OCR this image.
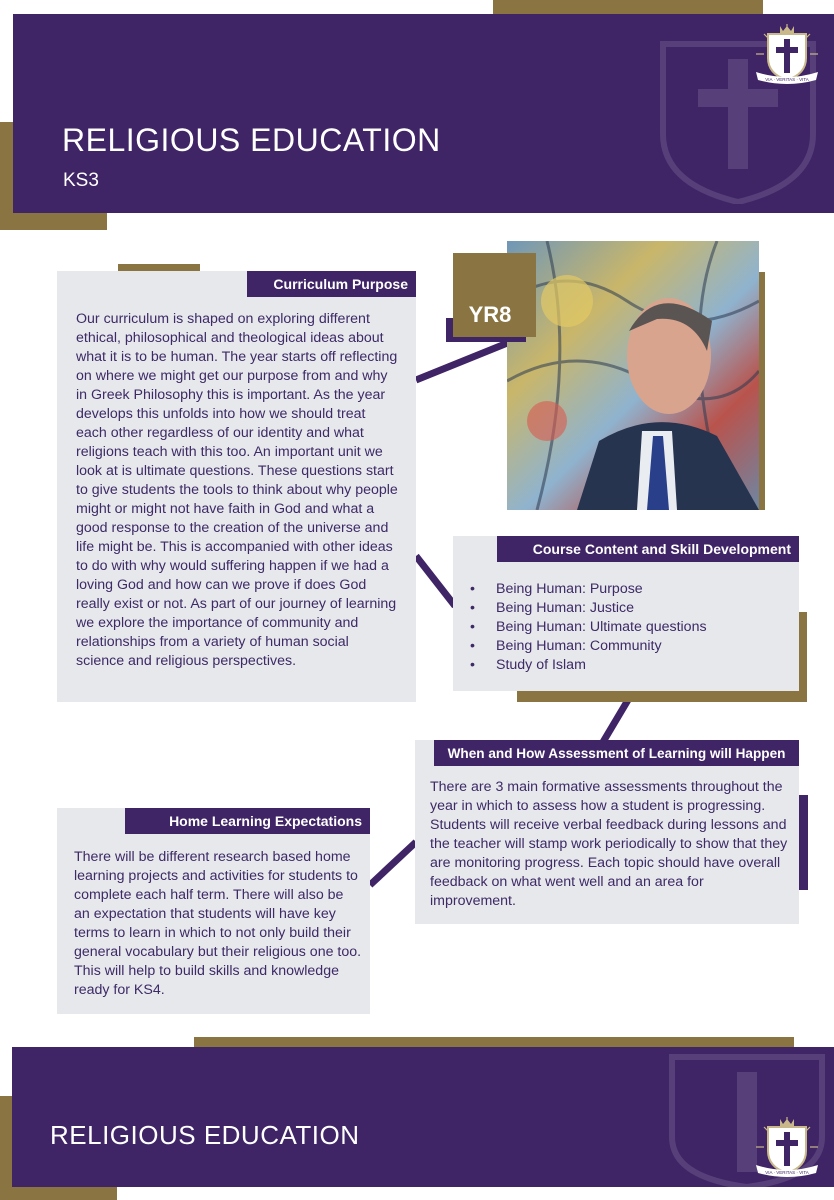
RELIGIOUS EDUCATION
KS3
VIA · VERITAS · VITA
Curriculum Purpose
Our curriculum is shaped on exploring different ethical, philosophical and theological ideas about what it is to be human. The year starts off reflecting on where we might get our purpose from and why in Greek Philosophy this is important. As the year develops this unfolds into how we should treat each other regardless of our identity and what religions teach with this too. An important unit we look at is ultimate questions. These questions start to give students the tools to think about why people might or might not have faith in God and what a good response to the creation of the universe and life might be. This is accompanied with other ideas to do with why would suffering happen if we had a loving God and how can we prove if does God really exist or not. As part of our journey of learning we explore the importance of community and relationships from a variety of human social science and religious perspectives.
YR8
Course Content and Skill Development
• Being Human: Purpose
• Being Human: Justice
• Being Human: Ultimate questions
• Being Human: Community
• Study of Islam
When and How Assessment of Learning will Happen
There are 3 main formative assessments throughout the year in which to assess how a student is progressing. Students will receive verbal feedback during lessons and the teacher will stamp work periodically to show that they are monitoring progress. Each topic should have overall feedback on what went well and an area for improvement.
Home Learning Expectations
There will be different research based home learning projects and activities for students to complete each half term. There will also be an expectation that students will have key terms to learn in which to not only build their general vocabulary but their religious one too. This will help to build skills and knowledge ready for KS4.
RELIGIOUS EDUCATION
VIA · VERITAS · VITA
